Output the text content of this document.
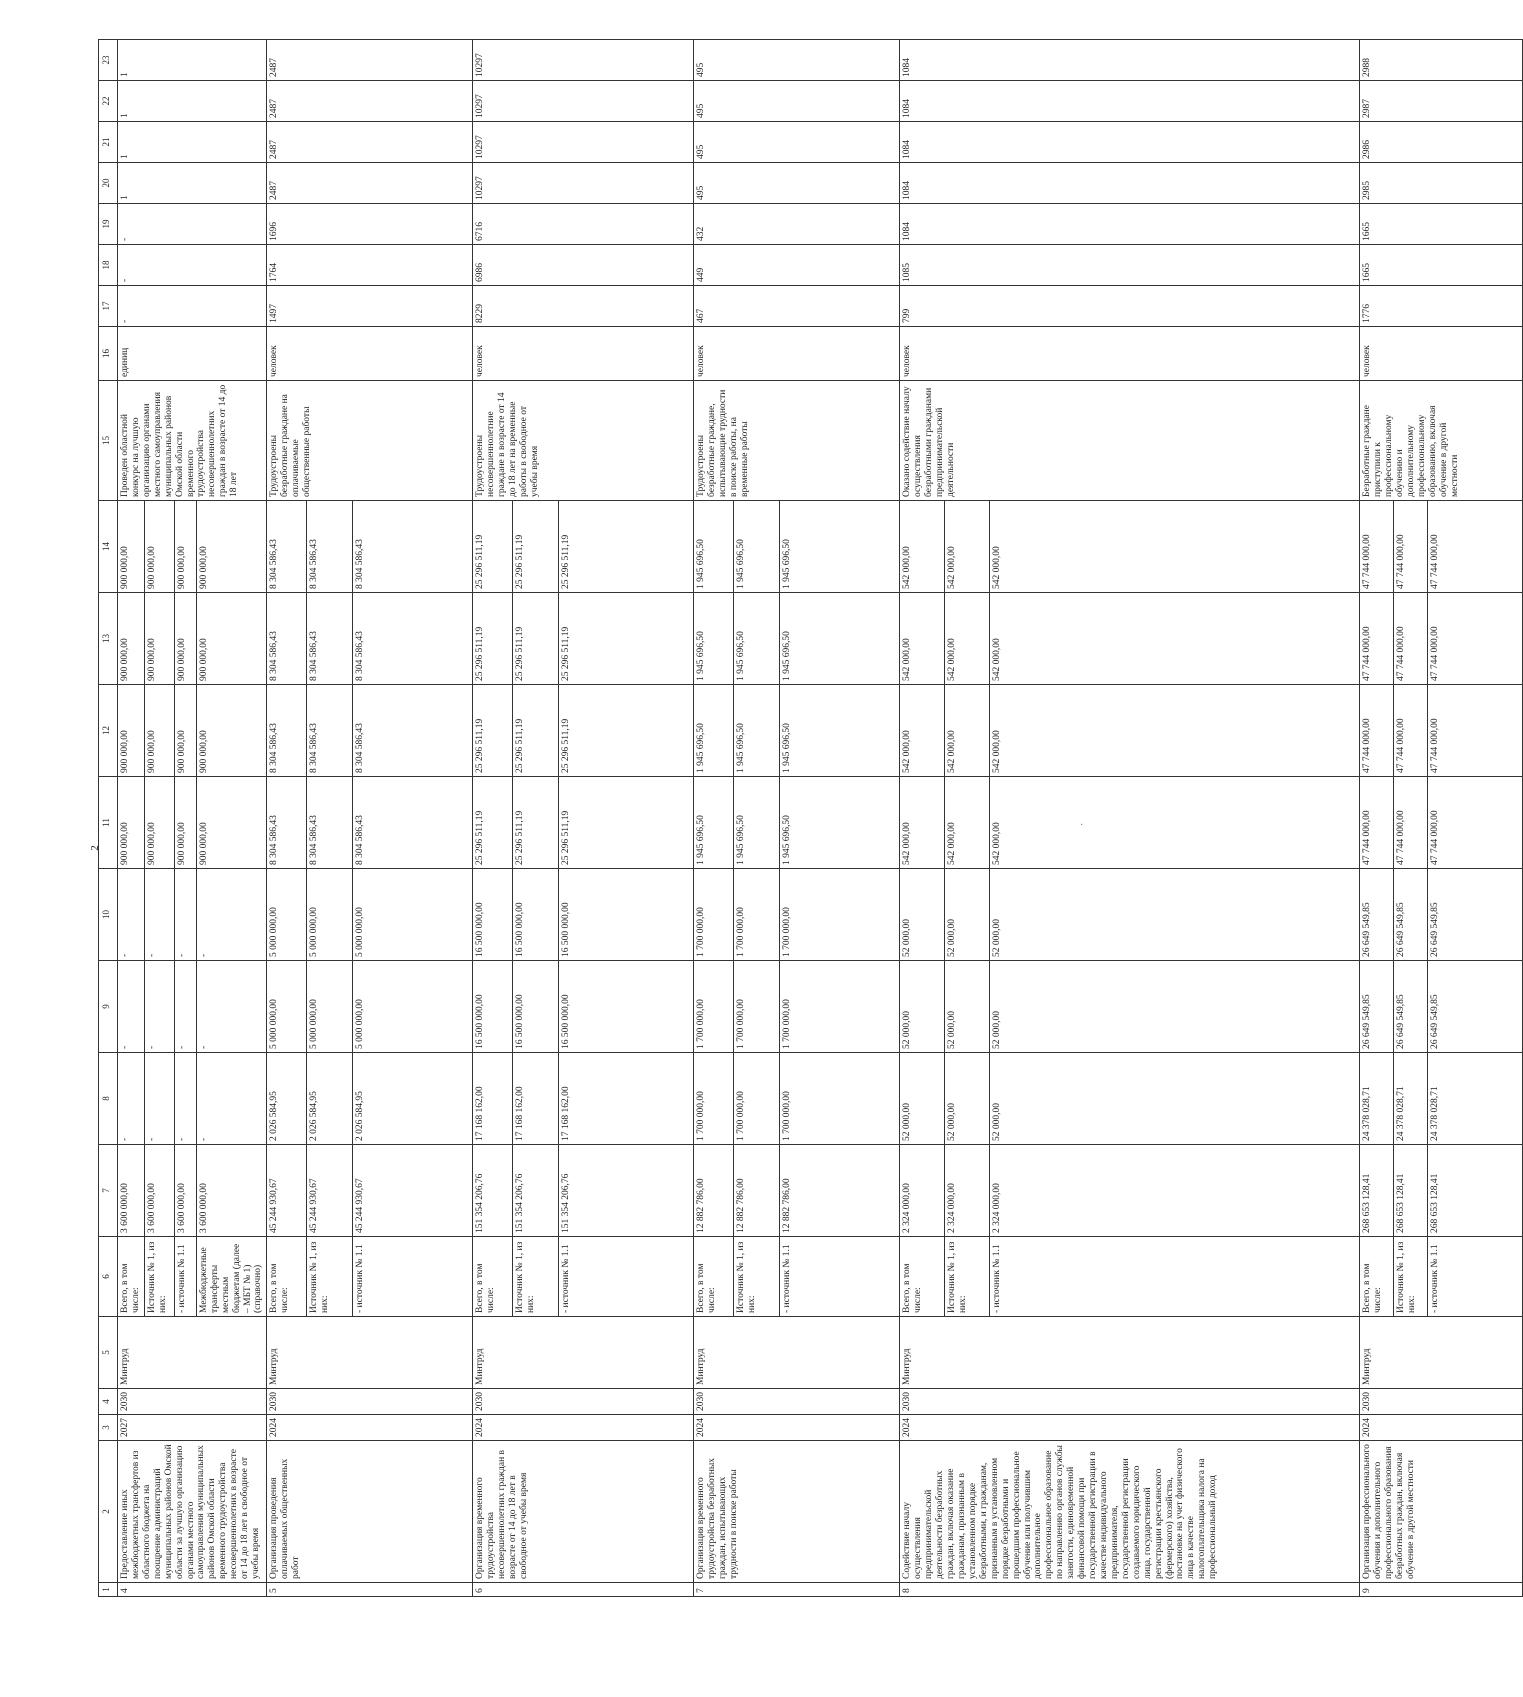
2
1	2	3	4	5	6	7	8	9	10	11	12	13	14	15	16	17	18	19	20	21	22	23
4	Предоставление иных межбюджетных трансфертов из областного бюджета на поощрение администраций муниципальных районов Омской области за лучшую организацию органами местного самоуправления муниципальных районов Омской области временного трудоустройства несовершеннолетних в возрасте от 14 до 18 лет в свободное от учебы время	2027	2030	Минтруд	Всего, в том числе:	3 600 000,00	-	-	-	900 000,00	900 000,00	900 000,00	900 000,00	Проведен областной конкурс на лучшую организацию органами местного самоуправления муниципальных районов Омской области временного трудоустройства несовершеннолетних граждан в возрасте от 14 до 18 лет	единиц	-	-	-	1	1	1	1
					Источник № 1, из них:	3 600 000,00	-	-	-	900 000,00	900 000,00	900 000,00	900 000,00									
					- источник № 1.1	3 600 000,00	-	-	-	900 000,00	900 000,00	900 000,00	900 000,00									
					Межбюджетные трансферты местным бюджетам (далее – МБТ № 1) (справочно)	3 600 000,00	-	-	-	900 000,00	900 000,00	900 000,00	900 000,00									
5	Организация проведения оплачиваемых общественных работ	2024	2030	Минтруд	Всего, в том числе:	45 244 930,67	2 026 584,95	5 000 000,00	5 000 000,00	8 304 586,43	8 304 586,43	8 304 586,43	8 304 586,43	Трудоустроены безработные граждане на оплачиваемые общественные работы	человек	1497	1764	1696	2487	2487	2487	2487
					Источник № 1, из них:	45 244 930,67	2 026 584,95	5 000 000,00	5 000 000,00	8 304 586,43	8 304 586,43	8 304 586,43	8 304 586,43									
					- источник № 1.1	45 244 930,67	2 026 584,95	5 000 000,00	5 000 000,00	8 304 586,43	8 304 586,43	8 304 586,43	8 304 586,43									
6	Организация временного трудоустройства несовершеннолетних граждан в возрасте от 14 до 18 лет в свободное от учебы время	2024	2030	Минтруд	Всего, в том числе:	151 354 206,76	17 168 162,00	16 500 000,00	16 500 000,00	25 296 511,19	25 296 511,19	25 296 511,19	25 296 511,19	Трудоустроены несовершеннолетние граждане в возрасте от 14 до 18 лет на временные работы в свободное от учебы время	человек	8229	6986	6716	10297	10297	10297	10297
					Источник № 1, из них:	151 354 206,76	17 168 162,00	16 500 000,00	16 500 000,00	25 296 511,19	25 296 511,19	25 296 511,19	25 296 511,19									
					- источник № 1.1	151 354 206,76	17 168 162,00	16 500 000,00	16 500 000,00	25 296 511,19	25 296 511,19	25 296 511,19	25 296 511,19									
7	Организация временного трудоустройства безработных граждан, испытывающих трудности в поиске работы	2024	2030	Минтруд	Всего, в том числе:	12 882 786,00	1 700 000,00	1 700 000,00	1 700 000,00	1 945 696,50	1 945 696,50	1 945 696,50	1 945 696,50	Трудоустроены безработные граждане, испытывающие трудности в поиске работы, на временные работы	человек	467	449	432	495	495	495	495
					Источник № 1, из них:	12 882 786,00	1 700 000,00	1 700 000,00	1 700 000,00	1 945 696,50	1 945 696,50	1 945 696,50	1 945 696,50									
					- источник № 1.1	12 882 786,00	1 700 000,00	1 700 000,00	1 700 000,00	1 945 696,50	1 945 696,50	1 945 696,50	1 945 696,50									
8	Содействие началу осуществления предпринимательской деятельности безработных граждан, включая оказание гражданам, признанным в установленном порядке безработными, и гражданам, признанным в установленном порядке безработными и прошедшим профессиональное обучение или получившим дополнительное профессиональное образование по направлению органов службы занятости, единовременной финансовой помощи при государственной регистрации в качестве индивидуального предпринимателя, государственной регистрации создаваемого юридического лица, государственной регистрации крестьянского (фермерского) хозяйства, постановке на учет физического лица в качестве налогоплательщика налога на профессиональный доход	2024	2030	Минтруд	Всего, в том числе:	2 324 000,00	52 000,00	52 000,00	52 000,00	542 000,00	542 000,00	542 000,00	542 000,00	Оказано содействие началу осуществления безработными гражданами предпринимательской деятельности	человек	799	1085	1084	1084	1084	1084	1084
					Источник № 1, из них:	2 324 000,00	52 000,00	52 000,00	52 000,00	542 000,00	542 000,00	542 000,00	542 000,00									
					- источник № 1.1	2 324 000,00	52 000,00	52 000,00	52 000,00	542 000,00	542 000,00	542 000,00	542 000,00									
9	Организация профессионального обучения и дополнительного профессионального образования безработных граждан, включая обучение в другой местности	2024	2030	Минтруд	Всего, в том числе:	268 653 128,41	24 378 028,71	26 649 549,85	26 649 549,85	47 744 000,00	47 744 000,00	47 744 000,00	47 744 000,00	Безработные граждане приступили к профессиональному обучению и дополнительному профессиональному образованию, включая обучение в другой местности	человек	1776	1665	1665	2985	2986	2987	2988
					Источник № 1, из них:	268 653 128,41	24 378 028,71	26 649 549,85	26 649 549,85	47 744 000,00	47 744 000,00	47 744 000,00	47 744 000,00									
					- источник № 1.1	268 653 128,41	24 378 028,71	26 649 549,85	26 649 549,85	47 744 000,00	47 744 000,00	47 744 000,00	47 744 000,00									
·
